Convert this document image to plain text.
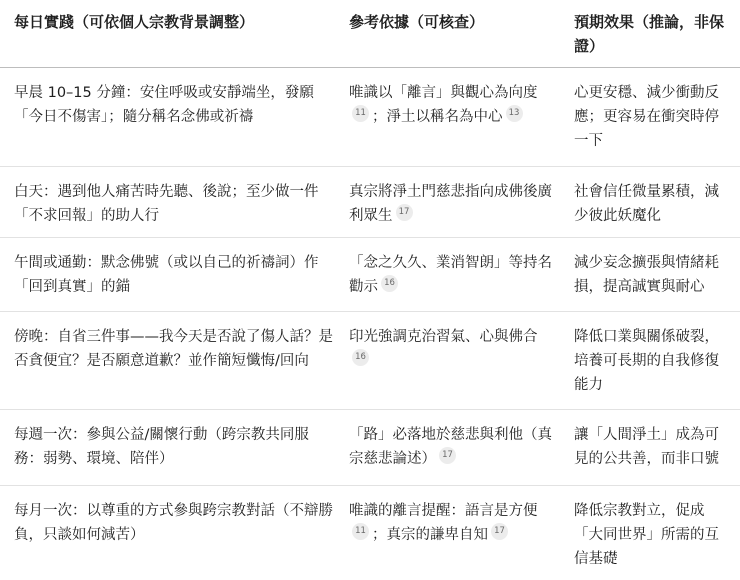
每日實踐（可依個人宗教背景調整）	參考依據（可核查）	預期效果（推論，非保證）
早晨 10–15 分鐘：安住呼吸或安靜端坐，發願「今日不傷害」；隨分稱名念佛或祈禱	唯識以「離言」與觀心為向度11 ；淨土以稱名為中心 13	心更安穩、減少衝動反應；更容易在衝突時停一下
白天：遇到他人痛苦時先聽、後說；至少做一件「不求回報」的助人行	真宗將淨土門慈悲指向成佛後廣利眾生 17	社會信任微量累積，減少彼此妖魔化
午間或通勤：默念佛號（或以自己的祈禱詞）作「回到真實」的錨	「念之久久、業消智朗」等持名勸示 16	減少妄念擴張與情緒耗損，提高誠實與耐心
傍晚：自省三件事——我今天是否說了傷人話？是否貪便宜？是否願意道歉？並作簡短懺悔/回向	印光強調克治習氣、心與佛合16	降低口業與關係破裂，培養可長期的自我修復能力
每週一次：參與公益/關懷行動（跨宗教共同服務：弱勢、環境、陪伴）	「路」必落地於慈悲與利他（真宗慈悲論述） 17	讓「人間淨土」成為可見的公共善，而非口號
每月一次：以尊重的方式參與跨宗教對話（不辯勝負，只談如何減苦）	唯識的離言提醒：語言是方便11 ；真宗的謙卑自知 17	降低宗教對立，促成「大同世界」所需的互信基礎
